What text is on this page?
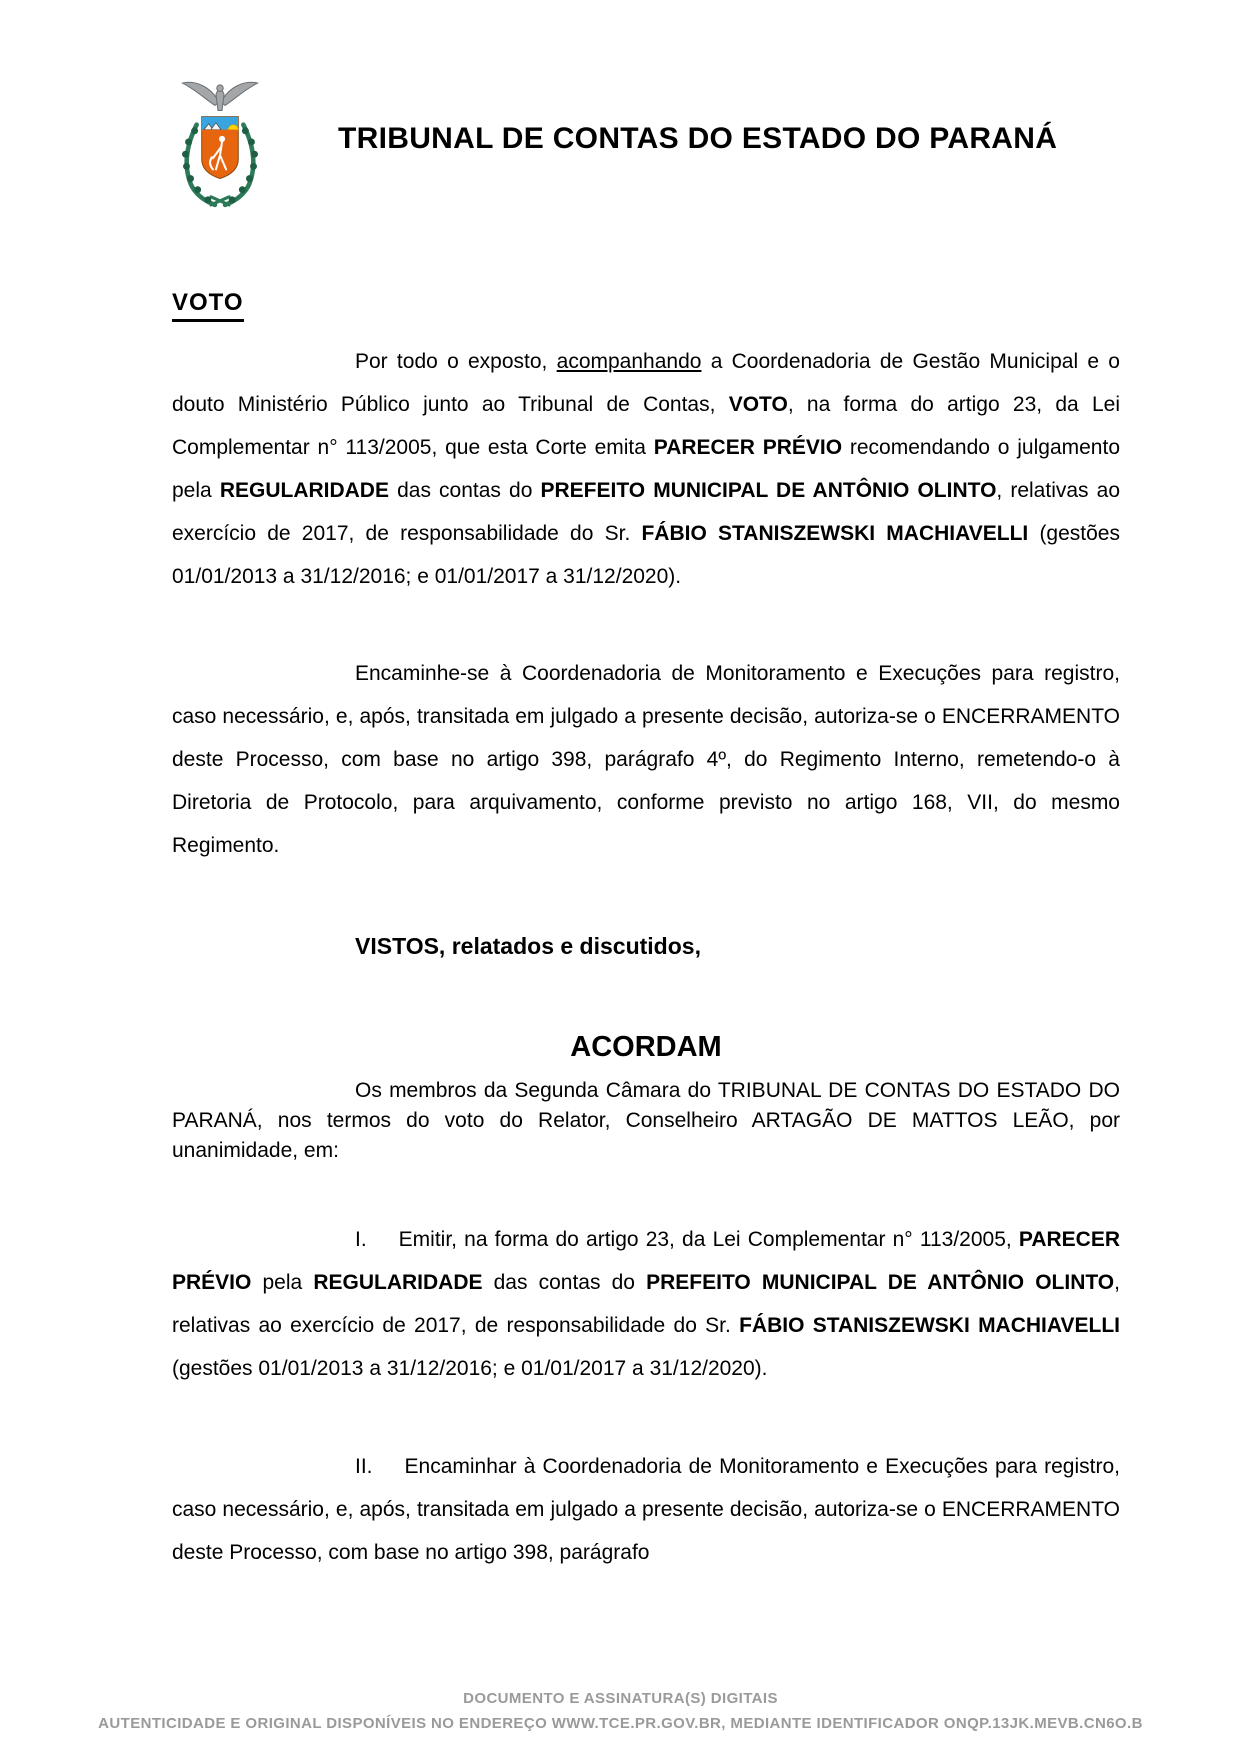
TRIBUNAL DE CONTAS DO ESTADO DO PARANÁ
VOTO

Por todo o exposto, acompanhando a Coordenadoria de Gestão Municipal e o douto Ministério Público junto ao Tribunal de Contas, VOTO, na forma do artigo 23, da Lei Complementar n° 113/2005, que esta Corte emita PARECER PRÉVIO recomendando o julgamento pela REGULARIDADE das contas do PREFEITO MUNICIPAL DE ANTÔNIO OLINTO, relativas ao exercício de 2017, de responsabilidade do Sr. FÁBIO STANISZEWSKI MACHIAVELLI (gestões 01/01/2013 a 31/12/2016; e 01/01/2017 a 31/12/2020).

Encaminhe-se à Coordenadoria de Monitoramento e Execuções para registro, caso necessário, e, após, transitada em julgado a presente decisão, autoriza-se o ENCERRAMENTO deste Processo, com base no artigo 398, parágrafo 4º, do Regimento Interno, remetendo-o à Diretoria de Protocolo, para arquivamento, conforme previsto no artigo 168, VII, do mesmo Regimento.

VISTOS, relatados e discutidos,

ACORDAM

Os membros da Segunda Câmara do TRIBUNAL DE CONTAS DO ESTADO DO PARANÁ, nos termos do voto do Relator, Conselheiro ARTAGÃO DE MATTOS LEÃO, por unanimidade, em:

I. Emitir, na forma do artigo 23, da Lei Complementar n° 113/2005, PARECER PRÉVIO pela REGULARIDADE das contas do PREFEITO MUNICIPAL DE ANTÔNIO OLINTO, relativas ao exercício de 2017, de responsabilidade do Sr. FÁBIO STANISZEWSKI MACHIAVELLI (gestões 01/01/2013 a 31/12/2016; e 01/01/2017 a 31/12/2020).

II. Encaminhar à Coordenadoria de Monitoramento e Execuções para registro, caso necessário, e, após, transitada em julgado a presente decisão, autoriza-se o ENCERRAMENTO deste Processo, com base no artigo 398, parágrafo

DOCUMENTO E ASSINATURA(S) DIGITAIS
AUTENTICIDADE E ORIGINAL DISPONÍVEIS NO ENDEREÇO WWW.TCE.PR.GOV.BR, MEDIANTE IDENTIFICADOR ONQP.13JK.MEVB.CN6O.B
